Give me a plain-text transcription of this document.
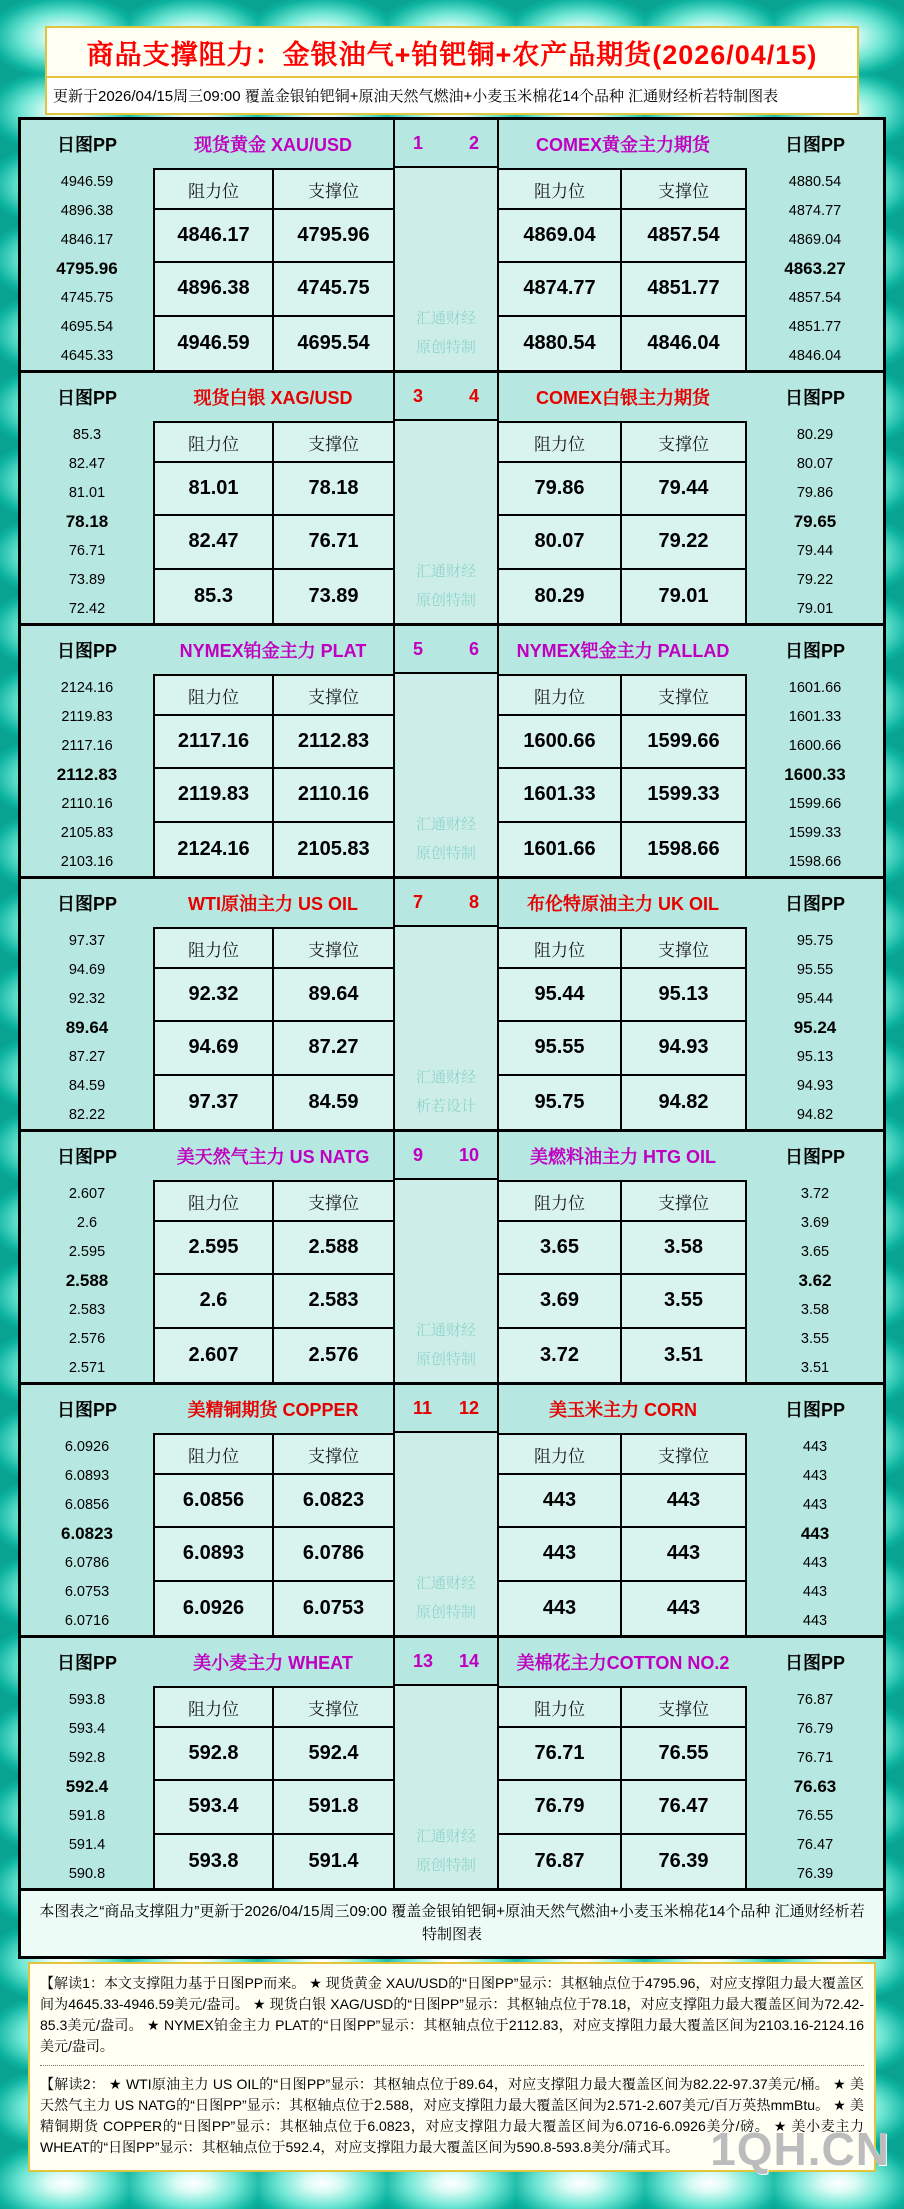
商品支撑阻力：金银油气+铂钯铜+农产品期货(2026/04/15)
更新于2026/04/15周三09:00 覆盖金银铂钯铜+原油天然气燃油+小麦玉米棉花14个品种 汇通财经析若特制图表
日图PP	现货黄金 XAU/USD	1	2
汇通财经
原创特制
COMEX黄金主力期货	日图PP
4946.59
4896.38
4846.17
4795.96
4745.75
4695.54
4645.33
阻力位	支撑位
4846.17	4795.96
4896.38	4745.75
4946.59	4695.54
阻力位	支撑位
4869.04	4857.54
4874.77	4851.77
4880.54	4846.04
4880.54
4874.77
4869.04
4863.27
4857.54
4851.77
4846.04
日图PP	现货白银 XAG/USD	3	4
汇通财经
原创特制
COMEX白银主力期货	日图PP
85.3
82.47
81.01
78.18
76.71
73.89
72.42
阻力位	支撑位
81.01	78.18
82.47	76.71
85.3	73.89
阻力位	支撑位
79.86	79.44
80.07	79.22
80.29	79.01
80.29
80.07
79.86
79.65
79.44
79.22
79.01
日图PP	NYMEX铂金主力 PLAT	5	6
汇通财经
原创特制
NYMEX钯金主力 PALLAD	日图PP
2124.16
2119.83
2117.16
2112.83
2110.16
2105.83
2103.16
阻力位	支撑位
2117.16	2112.83
2119.83	2110.16
2124.16	2105.83
阻力位	支撑位
1600.66	1599.66
1601.33	1599.33
1601.66	1598.66
1601.66
1601.33
1600.66
1600.33
1599.66
1599.33
1598.66
日图PP	WTI原油主力 US OIL	7	8
汇通财经
析若设计
布伦特原油主力 UK OIL	日图PP
97.37
94.69
92.32
89.64
87.27
84.59
82.22
阻力位	支撑位
92.32	89.64
94.69	87.27
97.37	84.59
阻力位	支撑位
95.44	95.13
95.55	94.93
95.75	94.82
95.75
95.55
95.44
95.24
95.13
94.93
94.82
日图PP	美天然气主力 US NATG	9 10
汇通财经
原创特制
美燃料油主力 HTG OIL	日图PP
2.607
2.6
2.595
2.588
2.583
2.576
2.571
阻力位	支撑位
2.595	2.588
2.6	2.583
2.607	2.576
阻力位	支撑位
3.65	3.58
3.69	3.55
3.72	3.51
3.72
3.69
3.65
3.62
3.58
3.55
3.51
日图PP	美精铜期货 COPPER	11 12
汇通财经
原创特制
美玉米主力 CORN	日图PP
6.0926
6.0893
6.0856
6.0823
6.0786
6.0753
6.0716
阻力位	支撑位
6.0856	6.0823
6.0893	6.0786
6.0926	6.0753
阻力位	支撑位
443	443
443	443
443	443
443
443
443
443
443
443
443
日图PP	美小麦主力 WHEAT	13 14
汇通财经
原创特制
美棉花主力COTTON NO.2	日图PP
593.8
593.4
592.8
592.4
591.8
591.4
590.8
阻力位	支撑位
592.8	592.4
593.4	591.8
593.8	591.4
阻力位	支撑位
76.71	76.55
76.79	76.47
76.87	76.39
76.87
76.79
76.71
76.63
76.55
76.47
76.39
本图表之“商品支撑阻力”更新于2026/04/15周三09:00 覆盖金银铂钯铜+原油天然气燃油+小麦玉米棉花14个品种 汇通财经析若特制图表
【解读1：本文支撑阻力基于日图PP而来。 ★ 现货黄金 XAU/USD的“日图PP”显示：其枢轴点位于4795.96，对应支撑阻力最大覆盖区间为4645.33-4946.59美元/盎司。 ★ 现货白银 XAG/USD的“日图PP”显示：其枢轴点位于78.18，对应支撑阻力最大覆盖区间为72.42-85.3美元/盎司。 ★ NYMEX铂金主力 PLAT的“日图PP”显示：其枢轴点位于2112.83，对应支撑阻力最大覆盖区间为2103.16-2124.16美元/盎司。
【解读2： ★ WTI原油主力 US OIL的“日图PP”显示：其枢轴点位于89.64，对应支撑阻力最大覆盖区间为82.22-97.37美元/桶。 ★ 美天然气主力 US NATG的“日图PP”显示：其枢轴点位于2.588，对应支撑阻力最大覆盖区间为2.571-2.607美元/百万英热mmBtu。 ★ 美精铜期货 COPPER的“日图PP”显示：其枢轴点位于6.0823，对应支撑阻力最大覆盖区间为6.0716-6.0926美分/磅。 ★ 美小麦主力 WHEAT的“日图PP”显示：其枢轴点位于592.4，对应支撑阻力最大覆盖区间为590.8-593.8美分/蒲式耳。 1QH.CN
